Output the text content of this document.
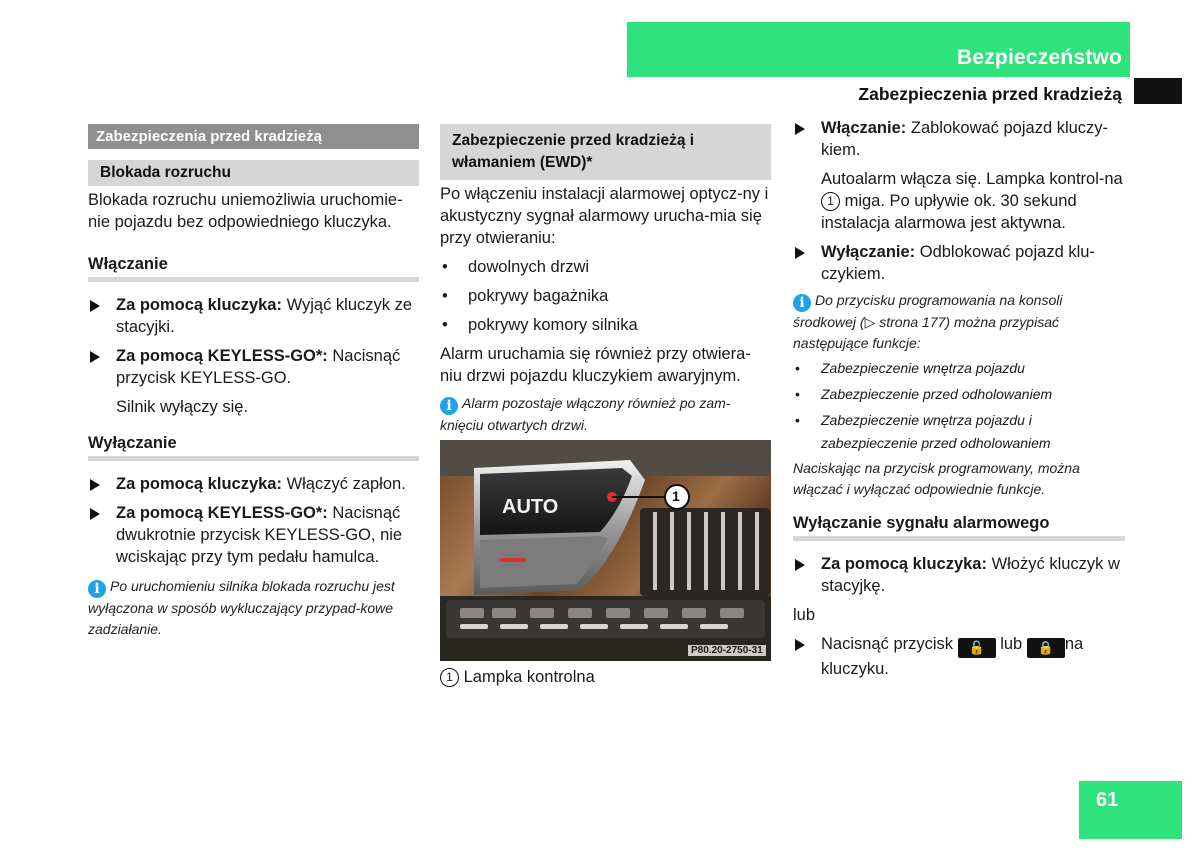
Bezpieczeństwo
Zabezpieczenia przed kradzieżą
Zabezpieczenia przed kradzieżą
Blokada rozruchu

Blokada rozruchu uniemożliwia uruchomie-nie pojazdu bez odpowiedniego kluczyka.

Włączanie
Za pomocą kluczyka: Wyjąć kluczyk ze stacyjki.
Za pomocą KEYLESS-GO*: Nacisnąć przycisk KEYLESS-GO.
Silnik wyłączy się.
Wyłączanie
Za pomocą kluczyka: Włączyć zapłon.
Za pomocą KEYLESS-GO*: Nacisnąć dwukrotnie przycisk KEYLESS-GO, nie wciskając przy tym pedału hamulca.
i Po uruchomieniu silnika blokada rozruchu jest wyłączona w sposób wykluczający przypad-kowe zadziałanie.
Zabezpieczenie przed kradzieżą i włamaniem (EWD)*

Po włączeniu instalacji alarmowej optycz-ny i akustyczny sygnał alarmowy urucha-mia się przy otwieraniu:

• dowolnych drzwi
• pokrywy bagażnika
• pokrywy komory silnika

Alarm uruchamia się również przy otwiera-niu drzwi pojazdu kluczykiem awaryjnym.

i Alarm pozostaje włączony również po zam-knięciu otwartych drzwi.
AUTO	1
P80.20-2750-31
1 Lampka kontrolna
Włączanie: Zablokować pojazd kluczy-kiem.
Autoalarm włącza się. Lampka kontrol-na 1 miga. Po upływie ok. 30 sekund instalacja alarmowa jest aktywna.
Wyłączanie: Odblokować pojazd klu-czykiem.
i Do przycisku programowania na konsoli środkowej (▷ strona 177) można przypisać następujące funkcje:
• Zabezpieczenie wnętrza pojazdu
• Zabezpieczenie przed odholowaniem
• Zabezpieczenie wnętrza pojazdu i zabezpieczenie przed odholowaniem
Naciskając na przycisk programowany, można włączać i wyłączać odpowiednie funkcje.
Wyłączanie sygnału alarmowego
Za pomocą kluczyka: Włożyć kluczyk w stacyjkę.

lub

Nacisnąć przycisk 🔓 lub 🔒 na kluczyku.
61
